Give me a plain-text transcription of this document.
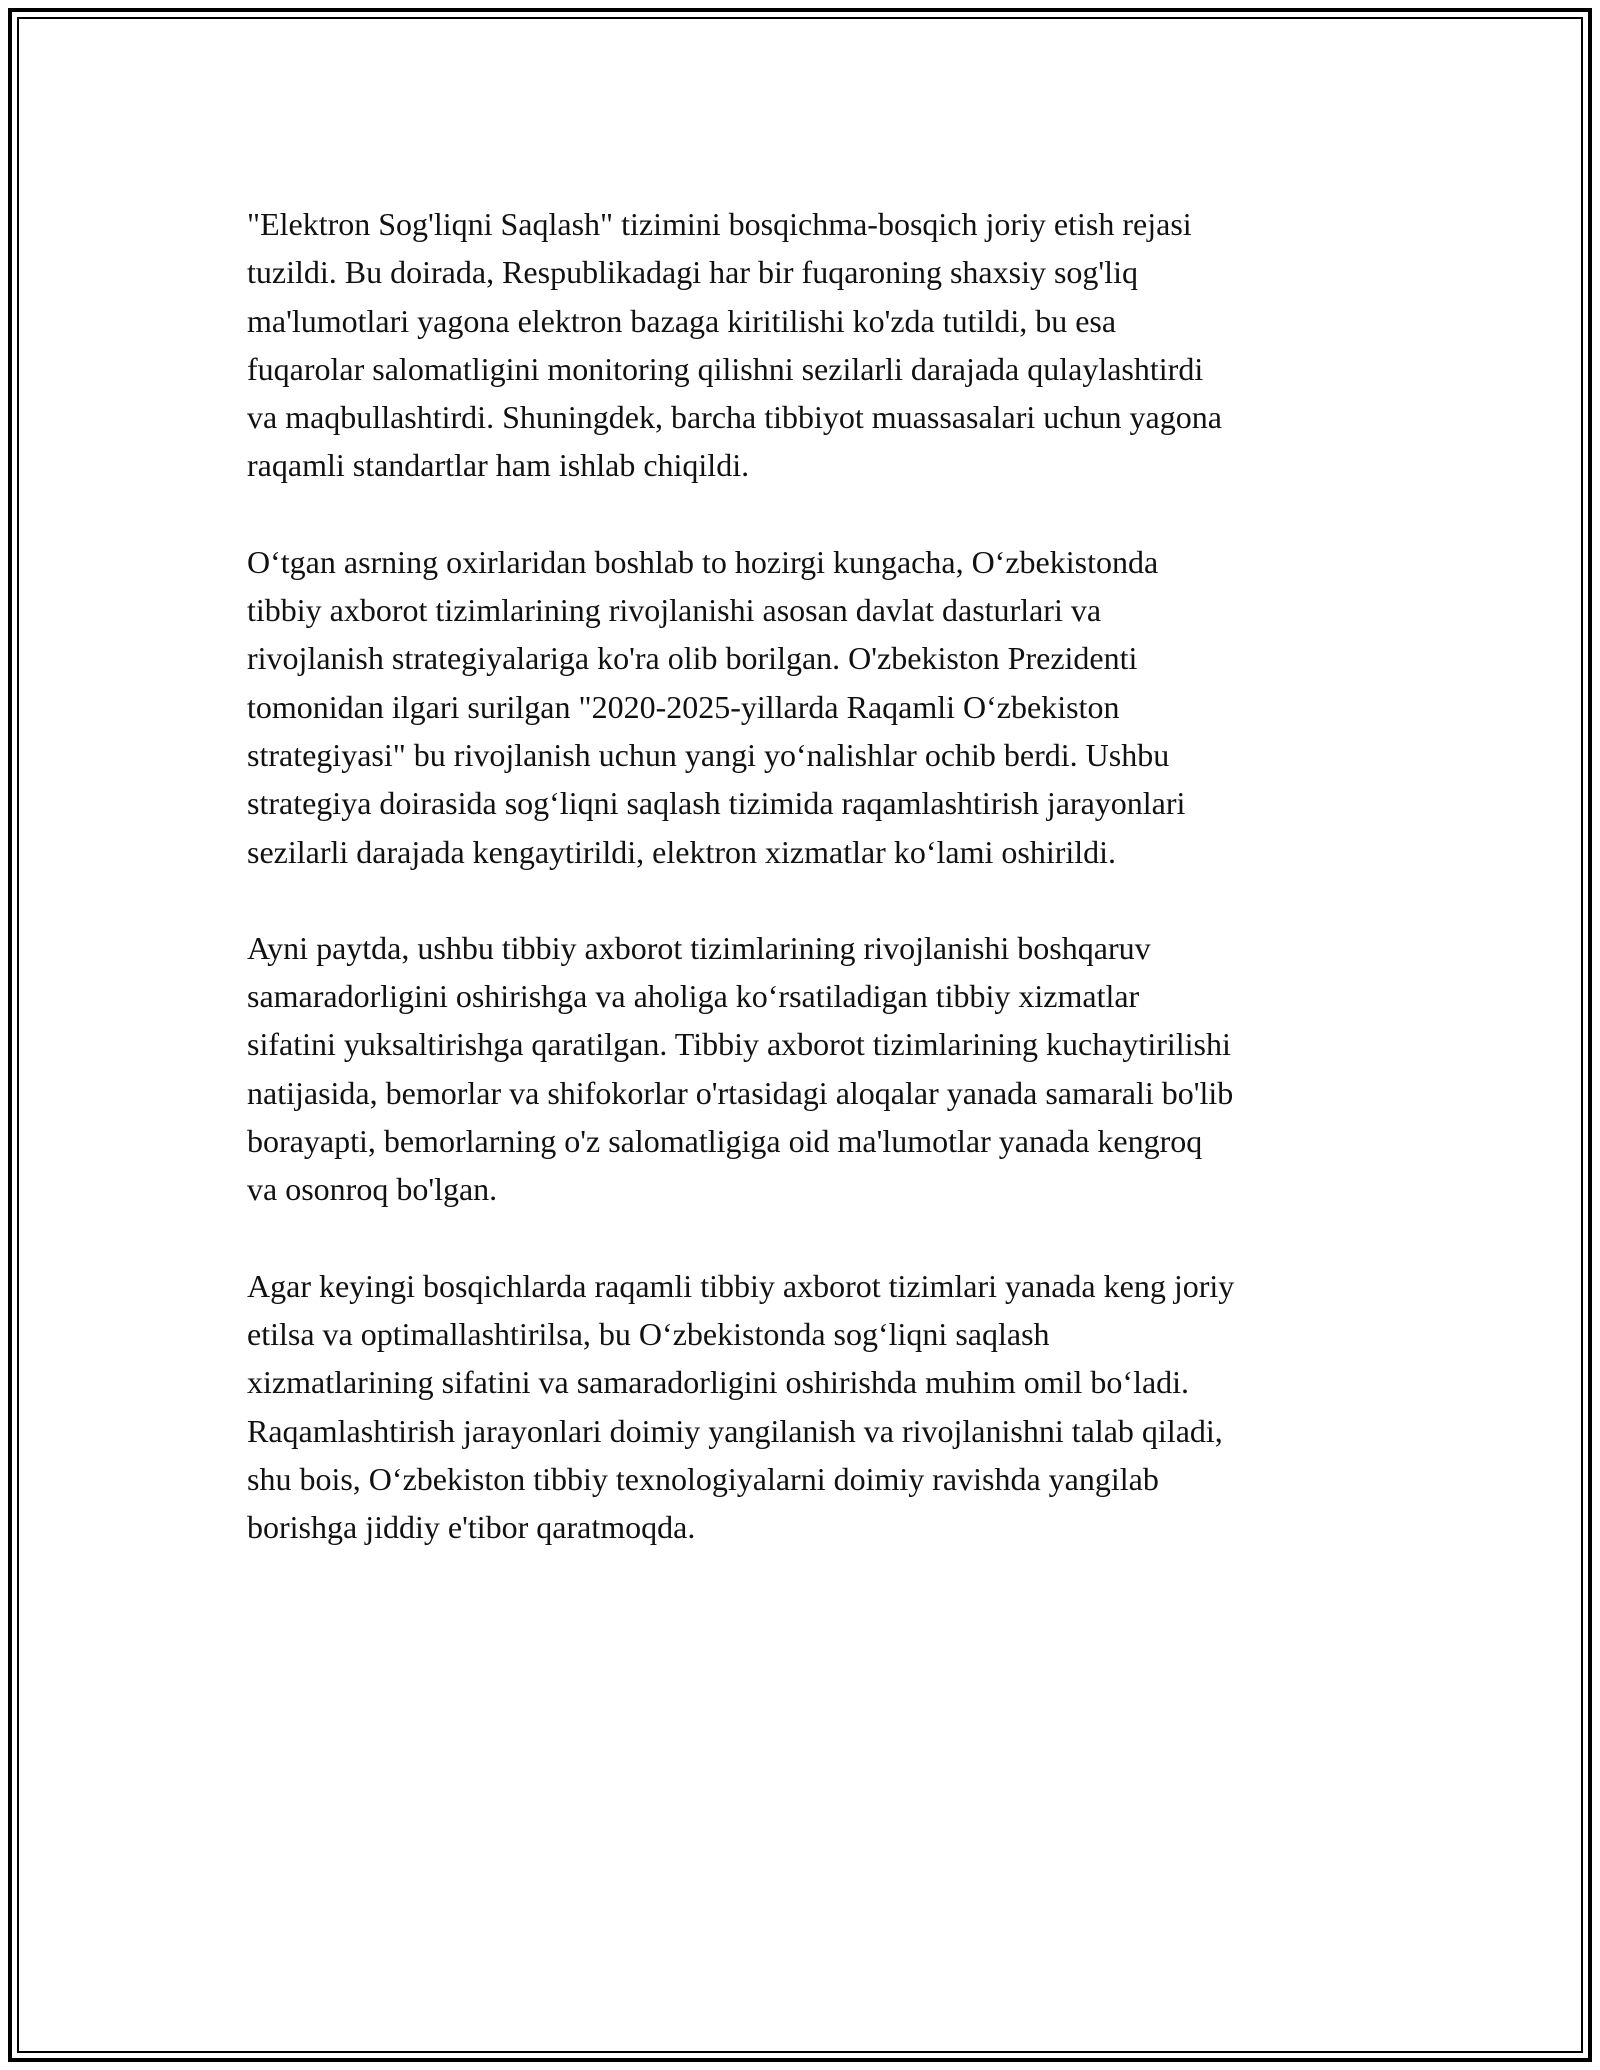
"Elektron Sog'liqni Saqlash" tizimini bosqichma-bosqich joriy etish rejasi
tuzildi. Bu doirada, Respublikadagi har bir fuqaroning shaxsiy sog'liq
ma'lumotlari yagona elektron bazaga kiritilishi ko'zda tutildi, bu esa
fuqarolar salomatligini monitoring qilishni sezilarli darajada qulaylashtirdi
va maqbullashtirdi. Shuningdek, barcha tibbiyot muassasalari uchun yagona
raqamli standartlar ham ishlab chiqildi.

O‘tgan asrning oxirlaridan boshlab to hozirgi kungacha, O‘zbekistonda
tibbiy axborot tizimlarining rivojlanishi asosan davlat dasturlari va
rivojlanish strategiyalariga ko'ra olib borilgan. O'zbekiston Prezidenti
tomonidan ilgari surilgan "2020-2025-yillarda Raqamli O‘zbekiston
strategiyasi" bu rivojlanish uchun yangi yo‘nalishlar ochib berdi. Ushbu
strategiya doirasida sog‘liqni saqlash tizimida raqamlashtirish jarayonlari
sezilarli darajada kengaytirildi, elektron xizmatlar ko‘lami oshirildi.

Ayni paytda, ushbu tibbiy axborot tizimlarining rivojlanishi boshqaruv
samaradorligini oshirishga va aholiga ko‘rsatiladigan tibbiy xizmatlar
sifatini yuksaltirishga qaratilgan. Tibbiy axborot tizimlarining kuchaytirilishi
natijasida, bemorlar va shifokorlar o'rtasidagi aloqalar yanada samarali bo'lib
borayapti, bemorlarning o'z salomatligiga oid ma'lumotlar yanada kengroq
va osonroq bo'lgan.

Agar keyingi bosqichlarda raqamli tibbiy axborot tizimlari yanada keng joriy
etilsa va optimallashtirilsa, bu O‘zbekistonda sog‘liqni saqlash
xizmatlarining sifatini va samaradorligini oshirishda muhim omil bo‘ladi.
Raqamlashtirish jarayonlari doimiy yangilanish va rivojlanishni talab qiladi,
shu bois, O‘zbekiston tibbiy texnologiyalarni doimiy ravishda yangilab
borishga jiddiy e'tibor qaratmoqda.
